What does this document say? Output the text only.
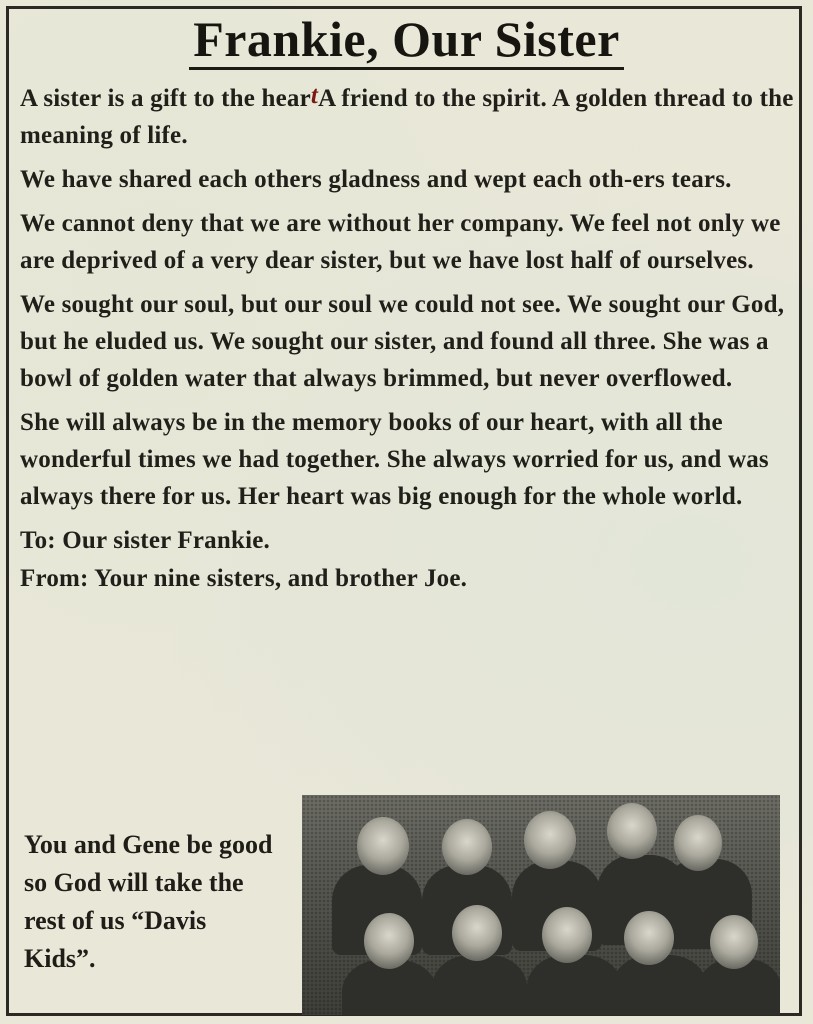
Frankie, Our Sister

A sister is a gift to the heartA friend to the spirit. A golden thread to the meaning of life.

We have shared each others gladness and wept each oth-ers tears.

We cannot deny that we are without her company. We feel not only we are deprived of a very dear sister, but we have lost half of ourselves.

We sought our soul, but our soul we could not see. We sought our God, but he eluded us. We sought our sister, and found all three. She was a bowl of golden water that always brimmed, but never overflowed.

She will always be in the memory books of our heart, with all the wonderful times we had together. She always worried for us, and was always there for us. Her heart was big enough for the whole world.

To: Our sister Frankie.

From: Your nine sisters, and brother Joe.

You and Gene be good so God will take the rest of us “Davis Kids”.
